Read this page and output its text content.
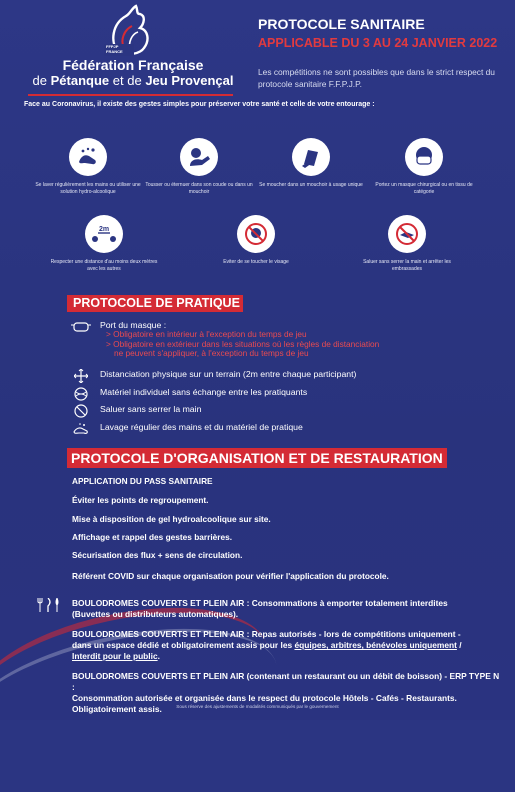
FFPJP
FRANCE
Fédération Française
de Pétanque et de Jeu Provençal
PROTOCOLE SANITAIRE
APPLICABLE DU 3 AU 24 JANVIER 2022
Les compétitions ne sont possibles que dans le strict respect du protocole sanitaire F.F.P.J.P.
Face au Coronavirus, il existe des gestes simples pour préserver votre santé et celle de votre entourage :
Se laver régulièrement les mains ou utiliser une solution hydro-alcoolique
Tousser ou éternuer dans son coude ou dans un mouchoir
Se moucher dans un mouchoir à usage unique	Portez un masque chirurgical ou en tissu de catégorie
2m
Respecter une distance d'au moins deux mètres avec les autres
Eviter de se toucher le visage	Saluer sans serrer la main et arrêter les embrassades
PROTOCOLE DE PRATIQUE
Port du masque :
> Obligatoire en intérieur à l'exception du temps de jeu
> Obligatoire en extérieur dans les situations où les règles de distanciation
ne peuvent s'appliquer, à l'exception du temps de jeu
Distanciation physique sur un terrain (2m entre chaque participant)
Matériel individuel sans échange entre les pratiquants
Saluer sans serrer la main
Lavage régulier des mains et du matériel de pratique
PROTOCOLE D'ORGANISATION ET DE RESTAURATION
APPLICATION DU PASS SANITAIRE
Éviter les points de regroupement.
Mise à disposition de gel hydroalcoolique sur site.
Affichage et rappel des gestes barrières.
Sécurisation des flux + sens de circulation.
Référent COVID sur chaque organisation pour vérifier l'application du protocole.
BOULODROMES COUVERTS ET PLEIN AIR : Consommations à emporter totalement interdites
(Buvettes ou distributeurs automatiques).
BOULODROMES COUVERTS ET PLEIN AIR : Repas autorisés - lors de compétitions uniquement -
dans un espace dédié et obligatoirement assis pour les équipes, arbitres, bénévoles uniquement /
Interdit pour le public.
BOULODROMES COUVERTS ET PLEIN AIR (contenant un restaurant ou un débit de boisson) - ERP TYPE N :
Consommation autorisée et organisée dans le respect du protocole Hôtels - Cafés - Restaurants.
Obligatoirement assis.	Sous réserve des ajustements de modalités communiqués par le gouvernement
